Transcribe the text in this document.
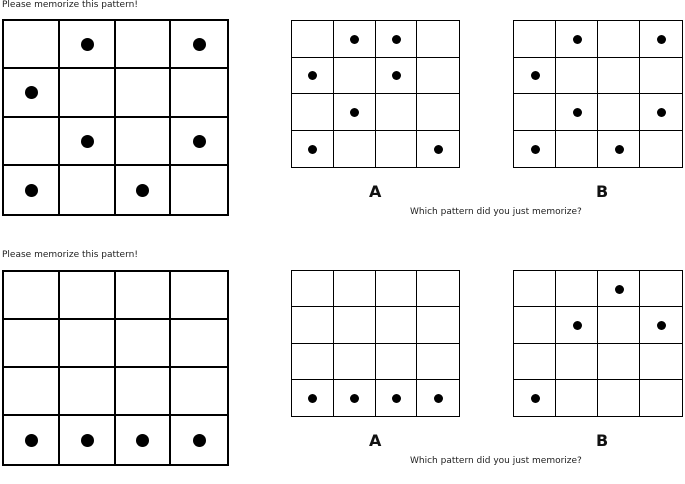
Please memorize this pattern!
A	B
Which pattern did you just memorize?
Please memorize this pattern!
A	B
Which pattern did you just memorize?
